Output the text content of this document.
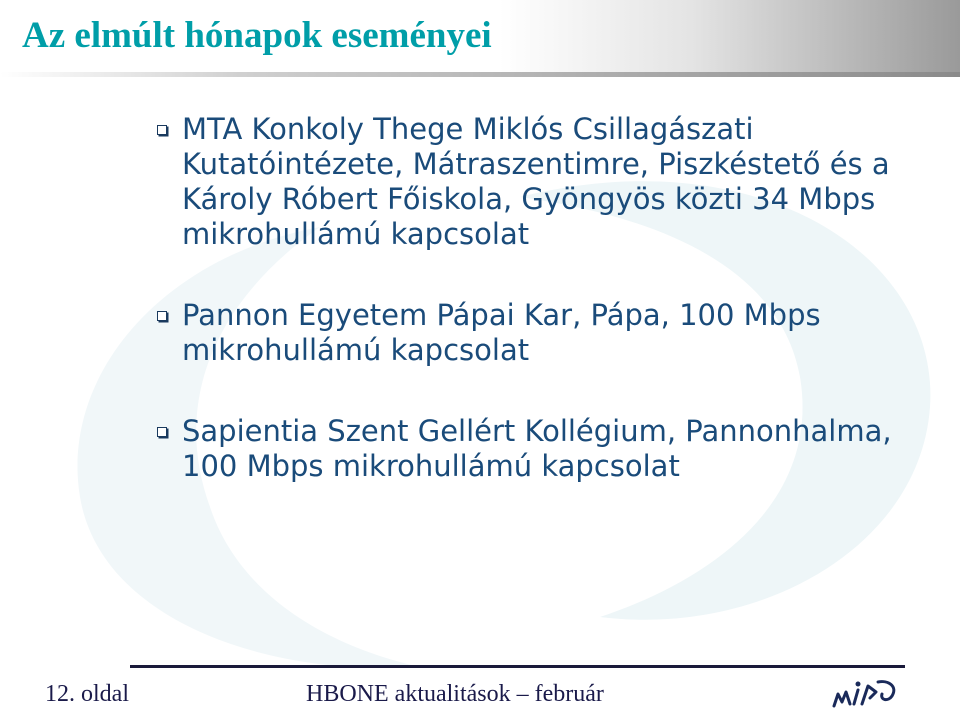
Az elmúlt hónapok eseményei
MTA Konkoly Thege Miklós Csillagászati Kutatóintézete, Mátraszentimre, Piszkéstető és a Károly Róbert Főiskola, Gyöngyös közti 34 Mbps mikrohullámú kapcsolat
Pannon Egyetem Pápai Kar, Pápa, 100 Mbps mikrohullámú kapcsolat
Sapientia Szent Gellért Kollégium, Pannonhalma, 100 Mbps mikrohullámú kapcsolat
12. oldal	HBONE aktualitások – február
